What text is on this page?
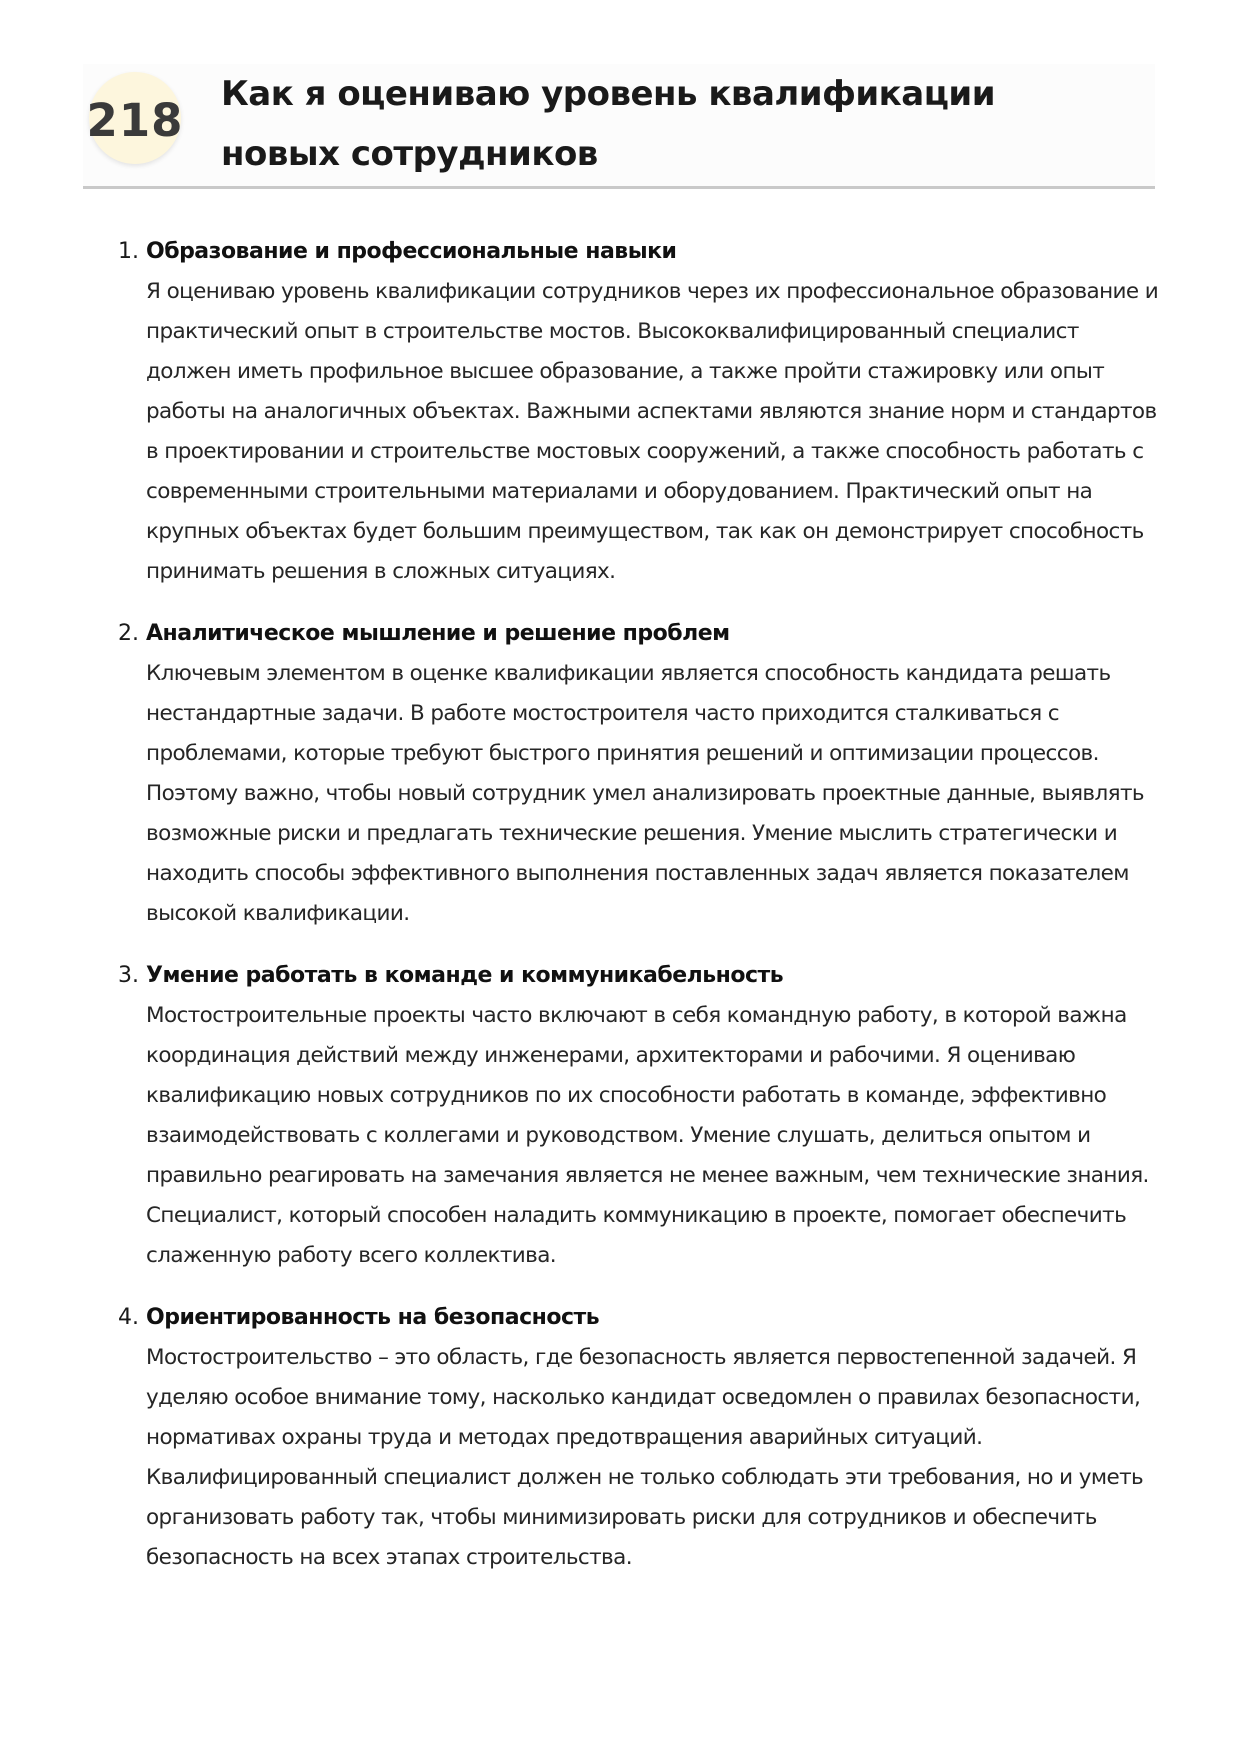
218 Как я оцениваю уровень квалификации новых сотрудников
1. Образование и профессиональные навыки

Я оцениваю уровень квалификации сотрудников через их профессиональное образование и практический опыт в строительстве мостов. Высококвалифицированный специалист должен иметь профильное высшее образование, а также пройти стажировку или опыт работы на аналогичных объектах. Важными аспектами являются знание норм и стандартов в проектировании и строительстве мостовых сооружений, а также способность работать с современными строительными материалами и оборудованием. Практический опыт на крупных объектах будет большим преимуществом, так как он демонстрирует способность принимать решения в сложных ситуациях.

2. Аналитическое мышление и решение проблем

Ключевым элементом в оценке квалификации является способность кандидата решать нестандартные задачи. В работе мостостроителя часто приходится сталкиваться с проблемами, которые требуют быстрого принятия решений и оптимизации процессов. Поэтому важно, чтобы новый сотрудник умел анализировать проектные данные, выявлять возможные риски и предлагать технические решения. Умение мыслить стратегически и находить способы эффективного выполнения поставленных задач является показателем высокой квалификации.

3. Умение работать в команде и коммуникабельность

Мостостроительные проекты часто включают в себя командную работу, в которой важна координация действий между инженерами, архитекторами и рабочими. Я оцениваю квалификацию новых сотрудников по их способности работать в команде, эффективно взаимодействовать с коллегами и руководством. Умение слушать, делиться опытом и правильно реагировать на замечания является не менее важным, чем технические знания. Специалист, который способен наладить коммуникацию в проекте, помогает обеспечить слаженную работу всего коллектива.

4. Ориентированность на безопасность

Мостостроительство – это область, где безопасность является первостепенной задачей. Я уделяю особое внимание тому, насколько кандидат осведомлен о правилах безопасности, нормативах охраны труда и методах предотвращения аварийных ситуаций. Квалифицированный специалист должен не только соблюдать эти требования, но и уметь организовать работу так, чтобы минимизировать риски для сотрудников и обеспечить безопасность на всех этапах строительства.
